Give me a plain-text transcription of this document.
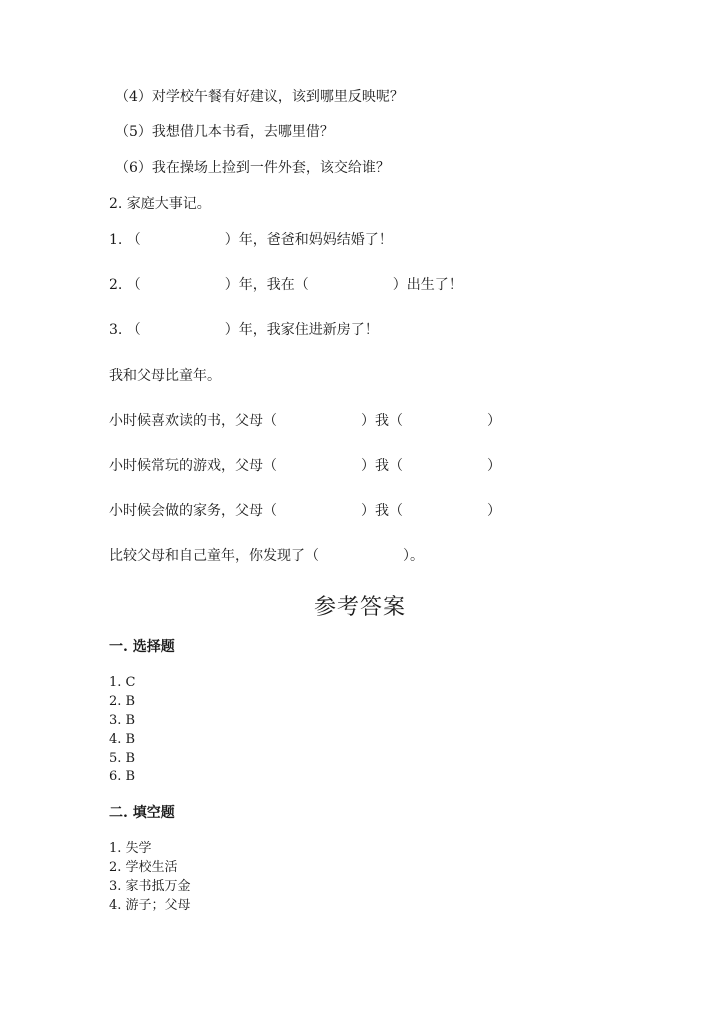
（4）对学校午餐有好建议，该到哪里反映呢？
（5）我想借几本书看，去哪里借？
（6）我在操场上捡到一件外套，该交给谁？
2. 家庭大事记。
1. （　　　　　　）年，爸爸和妈妈结婚了！
2. （　　　　　　）年，我在（　　　　　　）出生了！
3. （　　　　　　）年，我家住进新房了！
我和父母比童年。
小时候喜欢读的书，父母（　　　　　　）我（　　　　　　）
小时候常玩的游戏，父母（　　　　　　）我（　　　　　　）
小时候会做的家务，父母（　　　　　　）我（　　　　　　）
比较父母和自己童年，你发现了（　　　　　　）。
参考答案
一. 选择题
1. C
2. B
3. B
4. B
5. B
6. B
二. 填空题
1. 失学
2. 学校生活
3. 家书抵万金
4. 游子；父母
